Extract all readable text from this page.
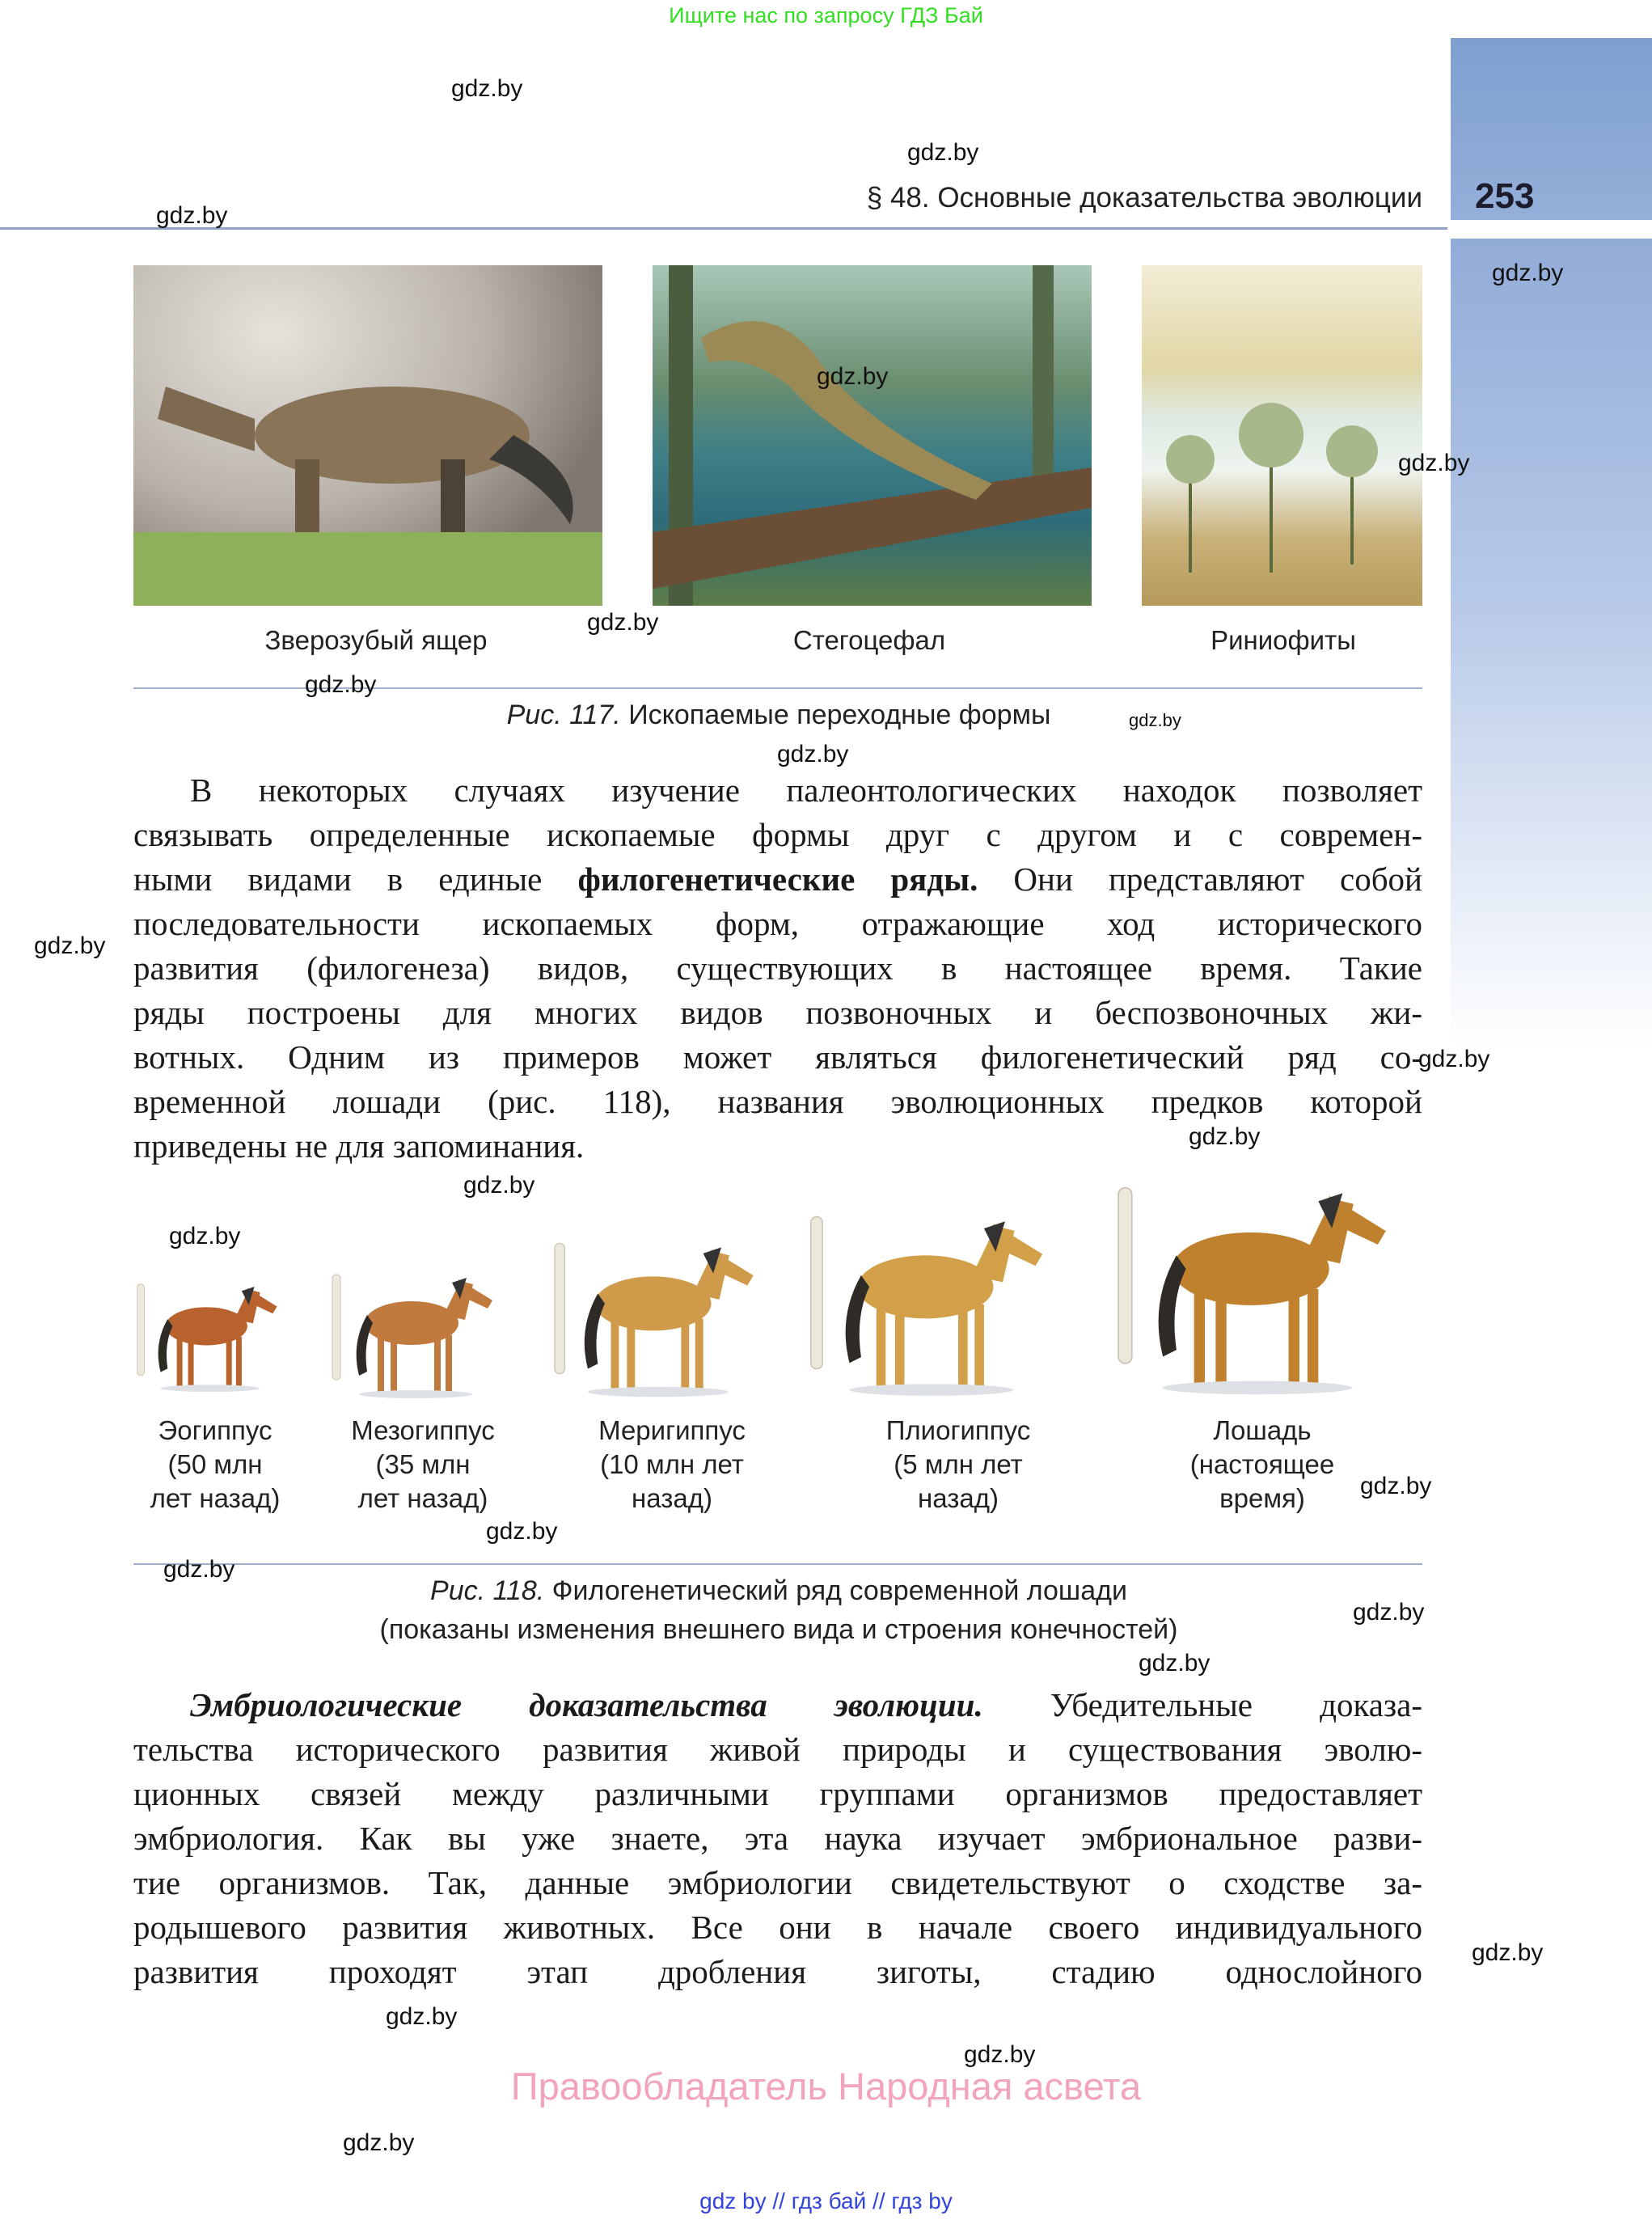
Ищите нас по запросу ГДЗ Бай
253
§ 48. Основные доказательства эволюции
Зверозубый ящер	Стегоцефал	Риниофиты
Рис. 117. Ископаемые переходные формы
В некоторых случаях изучение палеонтологических находок позволяет
связывать определенные ископаемые формы друг с другом и с современ-
ными видами в единые филогенетические ряды. Они представляют собой
последовательности ископаемых форм, отражающие ход исторического
развития (филогенеза) видов, существующих в настоящее время. Такие
ряды построены для многих видов позвоночных и беспозвоночных жи-
вотных. Одним из примеров может являться филогенетический ряд со-
временной лошади (рис. 118), названия эволюционных предков которой
приведены не для запоминания.
Эогиппус
(50 млн
лет назад)
Мезогиппус
(35 млн
лет назад)
Меригиппус
(10 млн лет
назад)
Плиогиппус
(5 млн лет
назад)
Лошадь
(настоящее
время)
Рис. 118. Филогенетический ряд современной лошади
(показаны изменения внешнего вида и строения конечностей)
Эмбриологические доказательства эволюции. Убедительные доказа-
тельства исторического развития живой природы и существования эволю-
ционных связей между различными группами организмов предоставляет
эмбриология. Как вы уже знаете, эта наука изучает эмбриональное разви-
тие организмов. Так, данные эмбриологии свидетельствуют о сходстве за-
родышевого развития животных. Все они в начале своего индивидуального
развития проходят этап дробления зиготы, стадию однослойного
Правообладатель Народная асвета
gdz by // гдз бай // гдз by
gdz.by
gdz.by
gdz.by
gdz.by
gdz.by
gdz.by
gdz.by
gdz.by
gdz.by
gdz.by
gdz.by
gdz.by
gdz.by
gdz.by
gdz.by
gdz.by
gdz.by
gdz.by
gdz.by
gdz.by
gdz.by
gdz.by
gdz.by
gdz.by
